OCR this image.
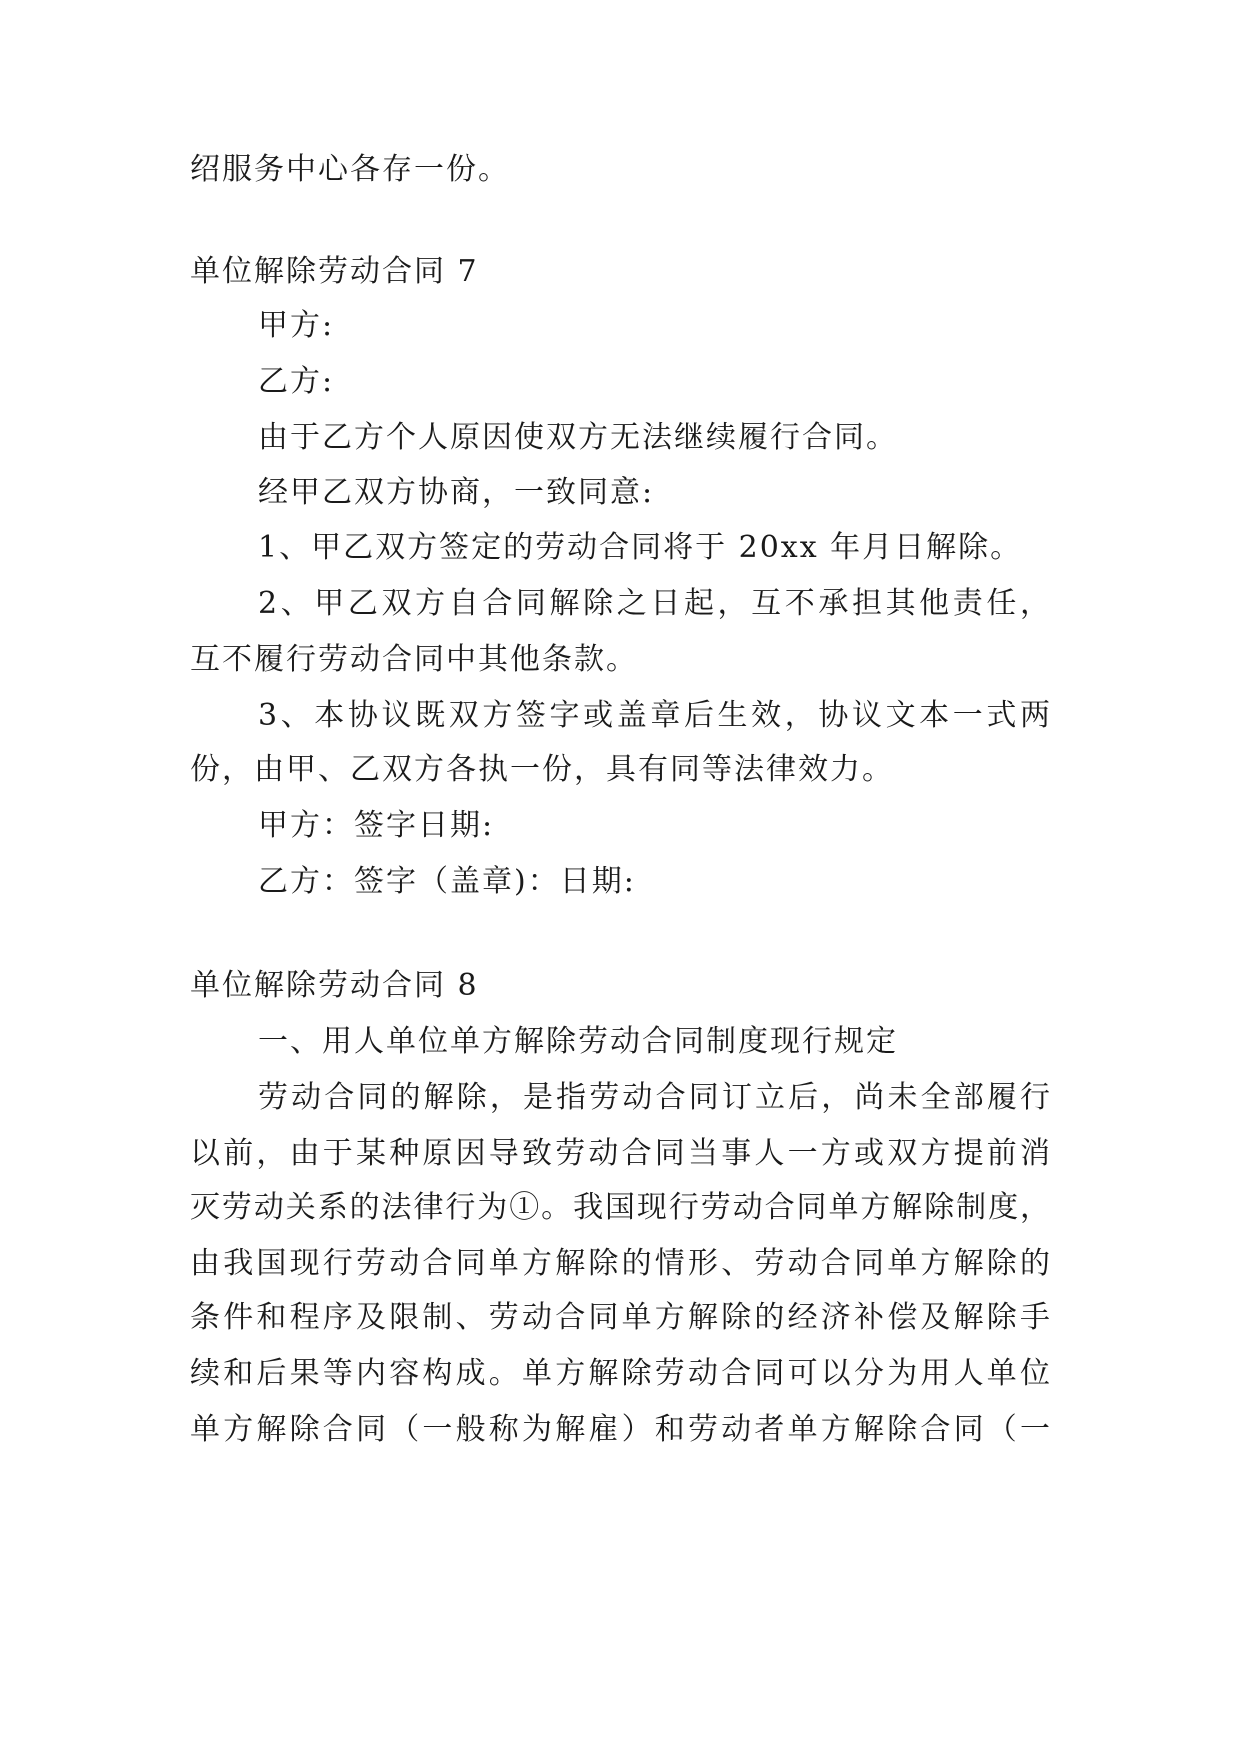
绍服务中心各存一份。
单位解除劳动合同 7
甲方:
乙方:
由于乙方个人原因使双方无法继续履行合同。
经甲乙双方协商，一致同意:
1、甲乙双方签定的劳动合同将于 20xx 年月日解除。
2、甲乙双方自合同解除之日起，互不承担其他责任，
互不履行劳动合同中其他条款。
3、本协议既双方签字或盖章后生效，协议文本一式两
份，由甲、乙双方各执一份，具有同等法律效力。
甲方：签字日期:
乙方：签字（盖章)：日期:
单位解除劳动合同 8
一、用人单位单方解除劳动合同制度现行规定
劳动合同的解除，是指劳动合同订立后，尚未全部履行
以前，由于某种原因导致劳动合同当事人一方或双方提前消
灭劳动关系的法律行为①。我国现行劳动合同单方解除制度，
由我国现行劳动合同单方解除的情形、劳动合同单方解除的
条件和程序及限制、劳动合同单方解除的经济补偿及解除手
续和后果等内容构成。单方解除劳动合同可以分为用人单位
单方解除合同（一般称为解雇）和劳动者单方解除合同（一
